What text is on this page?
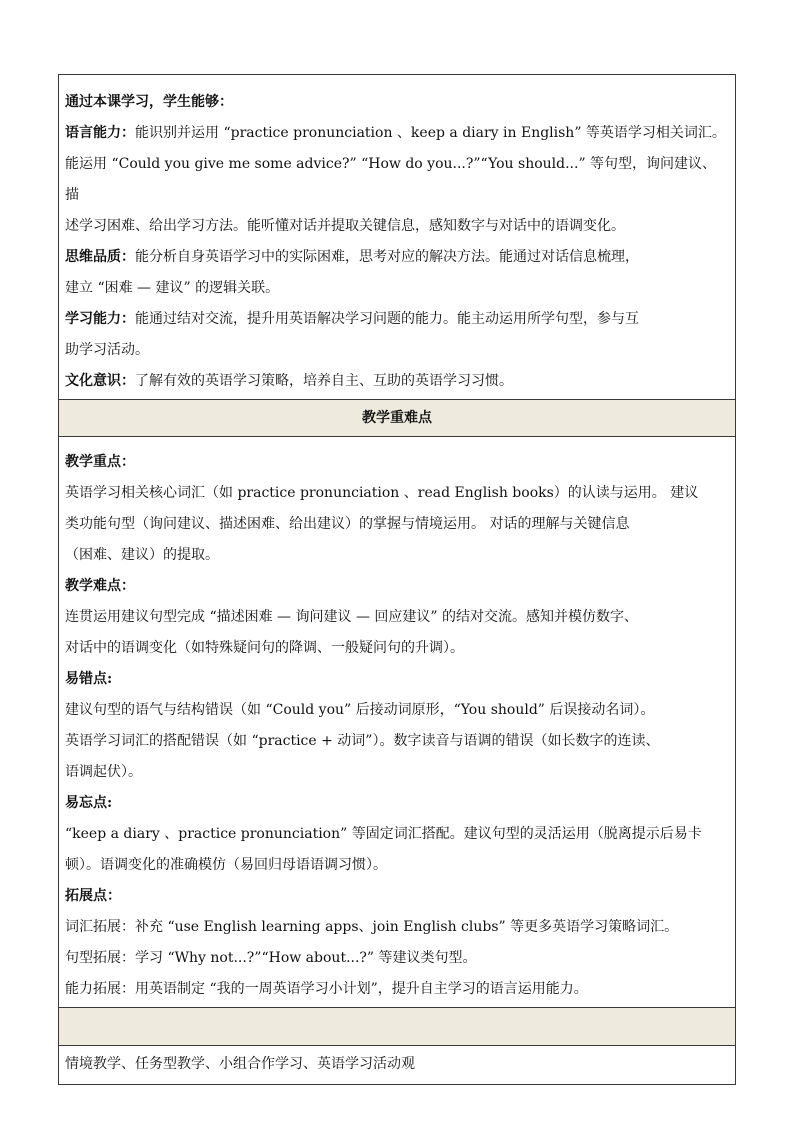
通过本课学习，学生能够：

语言能力：能识别并运用 “practice pronunciation 、keep a diary in English” 等英语学习相关词汇。

能运用 “Could you give me some advice?” “How do you...?”“You should...” 等句型，询问建议、描

述学习困难、给出学习方法。能听懂对话并提取关键信息，感知数字与对话中的语调变化。

思维品质：能分析自身英语学习中的实际困难，思考对应的解决方法。能通过对话信息梳理，

建立 “困难 — 建议” 的逻辑关联。

学习能力：能通过结对交流，提升用英语解决学习问题的能力。能主动运用所学句型，参与互

助学习活动。

文化意识：了解有效的英语学习策略，培养自主、互助的英语学习习惯。

教学重难点

教学重点：

英语学习相关核心词汇（如 practice pronunciation 、read English books）的认读与运用。 建议

类功能句型（询问建议、描述困难、给出建议）的掌握与情境运用。 对话的理解与关键信息

（困难、建议）的提取。

教学难点：

连贯运用建议句型完成 “描述困难 — 询问建议 — 回应建议” 的结对交流。感知并模仿数字、

对话中的语调变化（如特殊疑问句的降调、一般疑问句的升调）。

易错点:

建议句型的语气与结构错误（如 “Could you” 后接动词原形，“You should” 后误接动名词）。

英语学习词汇的搭配错误（如 “practice + 动词”）。数字读音与语调的错误（如长数字的连读、

语调起伏）。

易忘点:

“keep a diary 、practice pronunciation” 等固定词汇搭配。建议句型的灵活运用（脱离提示后易卡

顿）。语调变化的准确模仿（易回归母语语调习惯）。

拓展点：

词汇拓展：补充 “use English learning apps、join English clubs” 等更多英语学习策略词汇。

句型拓展：学习 “Why not...?”“How about...?” 等建议类句型。

能力拓展：用英语制定 “我的一周英语学习小计划”，提升自主学习的语言运用能力。

情境教学、任务型教学、小组合作学习、英语学习活动观
